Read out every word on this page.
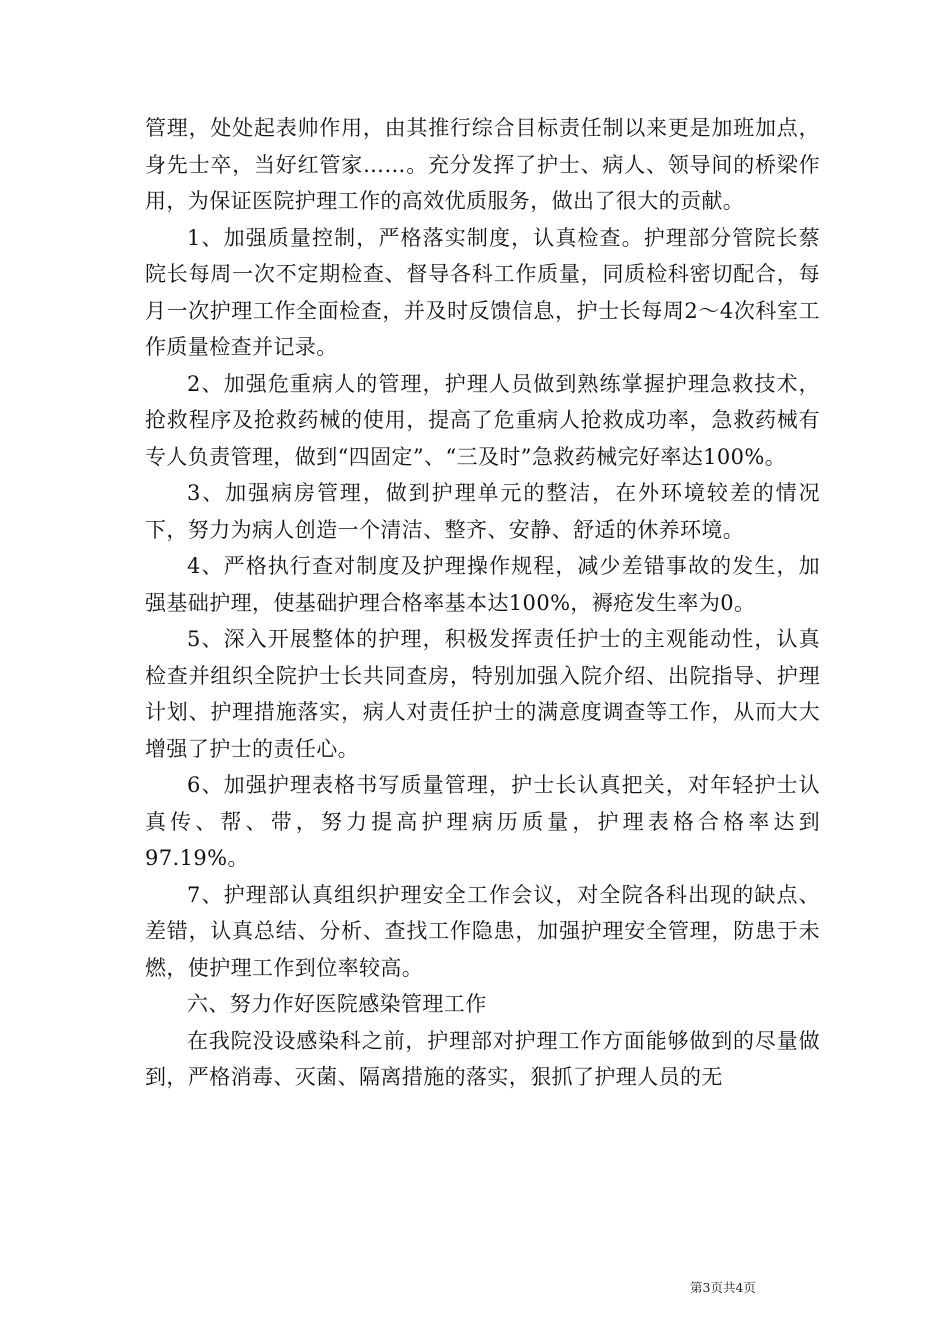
管理，处处起表帅作用，由其推行综合目标责任制以来更是加班加点，身先士卒，当好红管家……。充分发挥了护士、病人、领导间的桥梁作用，为保证医院护理工作的高效优质服务，做出了很大的贡献。

1、加强质量控制，严格落实制度，认真检查。护理部分管院长蔡院长每周一次不定期检查、督导各科工作质量，同质检科密切配合，每月一次护理工作全面检查，并及时反馈信息，护士长每周2～4次科室工作质量检查并记录。

2、加强危重病人的管理，护理人员做到熟练掌握护理急救技术，抢救程序及抢救药械的使用，提高了危重病人抢救成功率，急救药械有专人负责管理，做到“四固定”、“三及时”急救药械完好率达100%。

3、加强病房管理，做到护理单元的整洁，在外环境较差的情况下，努力为病人创造一个清洁、整齐、安静、舒适的休养环境。

4、严格执行查对制度及护理操作规程，减少差错事故的发生，加强基础护理，使基础护理合格率基本达100%，褥疮发生率为0。

5、深入开展整体的护理，积极发挥责任护士的主观能动性，认真检查并组织全院护士长共同查房，特别加强入院介绍、出院指导、护理计划、护理措施落实，病人对责任护士的满意度调查等工作，从而大大增强了护士的责任心。

6、加强护理表格书写质量管理，护士长认真把关，对年轻护士认真传、帮、带，努力提高护理病历质量，护理表格合格率达到97.19%。

7、护理部认真组织护理安全工作会议，对全院各科出现的缺点、差错，认真总结、分析、查找工作隐患，加强护理安全管理，防患于未燃，使护理工作到位率较高。

六、努力作好医院感染管理工作

在我院没设感染科之前，护理部对护理工作方面能够做到的尽量做到，严格消毒、灭菌、隔离措施的落实，狠抓了护理人员的无

第3页共4页
